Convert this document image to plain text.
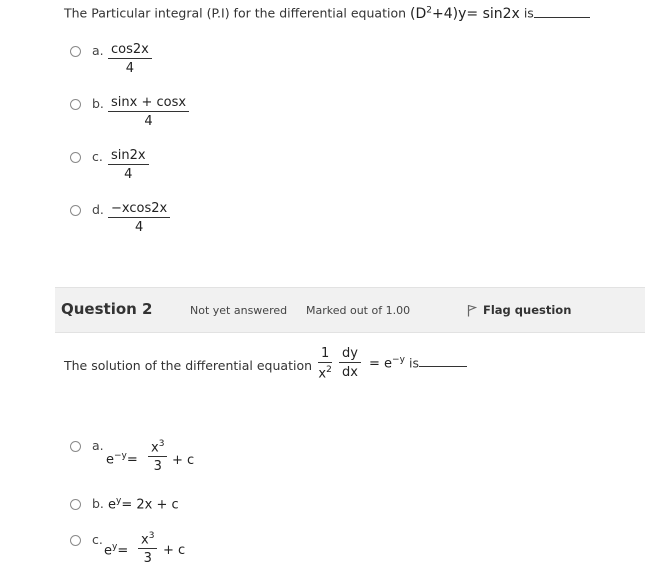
The Particular integral (P.I) for the differential equation $(D^2+4)y= \sin 2x$ is
a. $\frac{\cos 2x}{4}$
b. $\frac{\sin x + \cos x}{4}$
c. $\frac{\sin 2x}{4}$
d. $\frac{-xcos2x}{4}$
Question 2	Not yet answered Marked out of 1.00	Flag question
The solution of the differential equation $\frac{1}{x^2} \frac{dy}{dx} = e^{-y}$ is
a.
$e^{-y}= \frac{x^3}{3} + c$
b. $e^y= 2x + c$
c.
$e^y= \frac{x^3}{3} + c$
